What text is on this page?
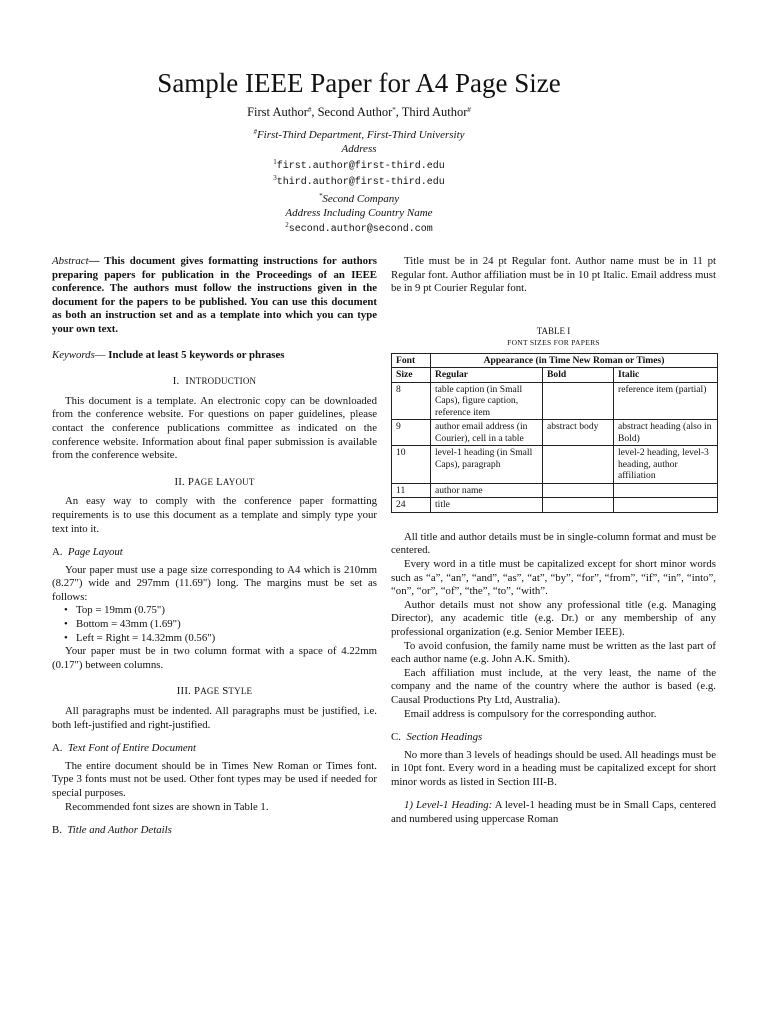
Sample IEEE Paper for A4 Page Size
First Author#, Second Author*, Third Author#
#First-Third Department, First-Third University
Address
$^1$first.author@first-third.edu
$^3$third.author@first-third.edu
*Second Company
Address Including Country Name
$^2$second.author@second.com

Abstract— This document gives formatting instructions for authors preparing papers for publication in the Proceedings of an IEEE conference. The authors must follow the instructions given in the document for the papers to be published. You can use this document as both an instruction set and as a template into which you can type your own text.

Keywords— Include at least 5 keywords or phrases

I. INTRODUCTION

This document is a template. An electronic copy can be downloaded from the conference website. For questions on paper guidelines, please contact the conference publications committee as indicated on the conference website. Information about final paper submission is available from the conference website.

II. PAGE LAYOUT

An easy way to comply with the conference paper formatting requirements is to use this document as a template and simply type your text into it.

A. Page Layout

Your paper must use a page size corresponding to A4 which is 210mm (8.27") wide and 297mm (11.69") long. The margins must be set as follows:

• Top = 19mm (0.75")
• Bottom = 43mm (1.69")
• Left = Right = 14.32mm (0.56")

Your paper must be in two column format with a space of 4.22mm (0.17") between columns.

III. PAGE STYLE

All paragraphs must be indented. All paragraphs must be justified, i.e. both left-justified and right-justified.

A. Text Font of Entire Document

The entire document should be in Times New Roman or Times font. Type 3 fonts must not be used. Other font types may be used if needed for special purposes.

Recommended font sizes are shown in Table 1.

B. Title and Author Details

Title must be in 24 pt Regular font. Author name must be in 11 pt Regular font. Author affiliation must be in 10 pt Italic. Email address must be in 9 pt Courier Regular font.

TABLE I
FONT SIZES FOR PAPERS
Font	Appearance (in Time New Roman or Times)		
Size	Regular	Bold	Italic
8	table caption (in Small Caps), figure caption, reference item		reference item (partial)
9	author email address (in Courier), cell in a table	abstract body	abstract heading (also in Bold)
10	level-1 heading (in Small Caps), paragraph		level-2 heading, level-3 heading, author affiliation
11	author name		
24	title		

All title and author details must be in single-column format and must be centered.

Every word in a title must be capitalized except for short minor words such as “a”, “an”, “and”, “as”, “at”, “by”, “for”, “from”, “if”, “in”, “into”, “on”, “or”, “of”, “the”, “to”, “with”.

Author details must not show any professional title (e.g. Managing Director), any academic title (e.g. Dr.) or any membership of any professional organization (e.g. Senior Member IEEE).

To avoid confusion, the family name must be written as the last part of each author name (e.g. John A.K. Smith).

Each affiliation must include, at the very least, the name of the company and the name of the country where the author is based (e.g. Causal Productions Pty Ltd, Australia).

Email address is compulsory for the corresponding author.

C. Section Headings

No more than 3 levels of headings should be used. All headings must be in 10pt font. Every word in a heading must be capitalized except for short minor words as listed in Section III-B.

1) Level-1 Heading: A level-1 heading must be in Small Caps, centered and numbered using uppercase Roman
